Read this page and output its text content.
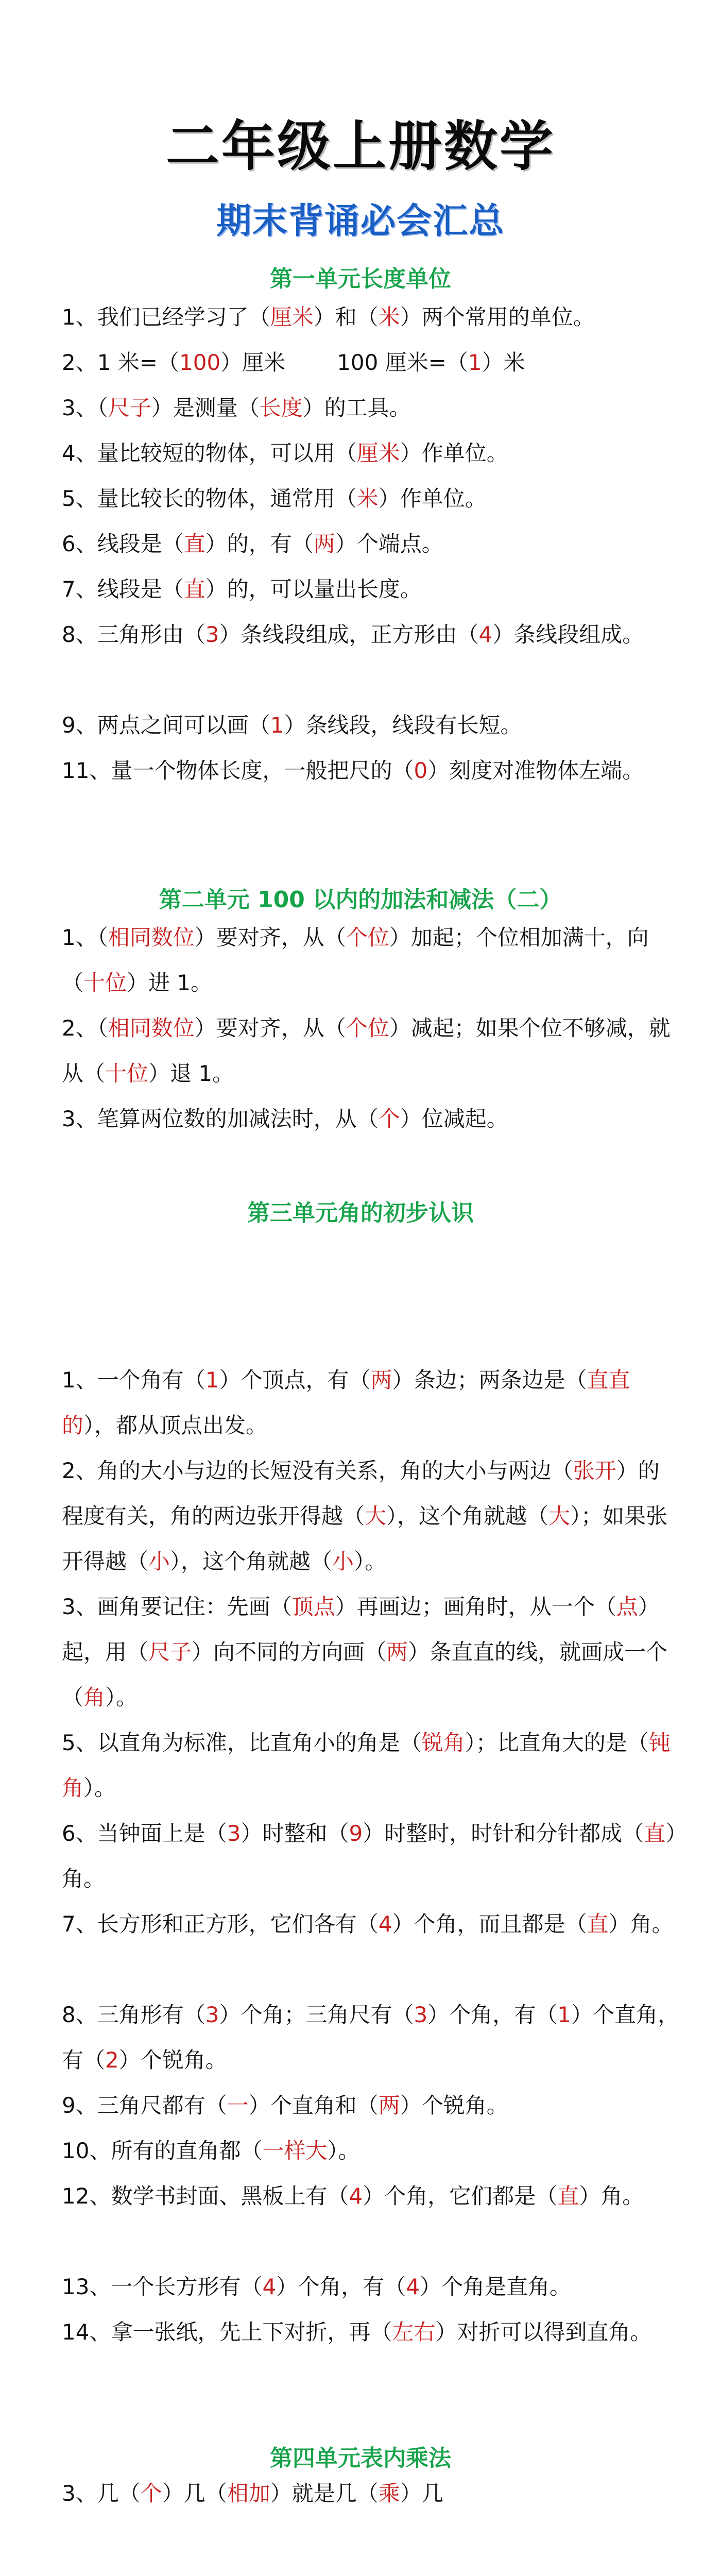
二年级上册数学
期末背诵必会汇总
第一单元长度单位
1、我们已经学习了（厘米）和（米）两个常用的单位。
2、1 米=（100）厘米 100 厘米=（1）米
3、（尺子）是测量（长度）的工具。
4、量比较短的物体，可以用（厘米）作单位。
5、量比较长的物体，通常用（米）作单位。
6、线段是（直）的，有（两）个端点。
7、线段是（直）的，可以量出长度。
8、三角形由（3）条线段组成，正方形由（4）条线段组成。
9、两点之间可以画（1）条线段，线段有长短。
11、量一个物体长度，一般把尺的（0）刻度对准物体左端。
第二单元 100 以内的加法和减法（二）
1、（相同数位）要对齐，从（个位）加起；个位相加满十，向（十位）进 1。
2、（相同数位）要对齐，从（个位）减起；如果个位不够减，就从（十位）退 1。
3、笔算两位数的加减法时，从（个）位减起。
第三单元角的初步认识
1、一个角有（1）个顶点，有（两）条边；两条边是（直直的），都从顶点出发。
2、角的大小与边的长短没有关系，角的大小与两边（张开）的程度有关，角的两边张开得越（大），这个角就越（大）；如果张开得越（小），这个角就越（小）。
3、画角要记住：先画（顶点）再画边；画角时，从一个（点）起，用（尺子）向不同的方向画（两）条直直的线，就画成一个（角）。
5、以直角为标准，比直角小的角是（锐角）；比直角大的是（钝角）。
6、当钟面上是（3）时整和（9）时整时，时针和分针都成（直）角。
7、长方形和正方形，它们各有（4）个角，而且都是（直）角。
8、三角形有（3）个角；三角尺有（3）个角，有（1）个直角，有（2）个锐角。
9、三角尺都有（一）个直角和（两）个锐角。
10、所有的直角都（一样大）。
12、数学书封面、黑板上有（4）个角，它们都是（直）角。
13、一个长方形有（4）个角，有（4）个角是直角。
14、拿一张纸，先上下对折，再（左右）对折可以得到直角。
第四单元表内乘法
3、几（个）几（相加）就是几（乘）几
